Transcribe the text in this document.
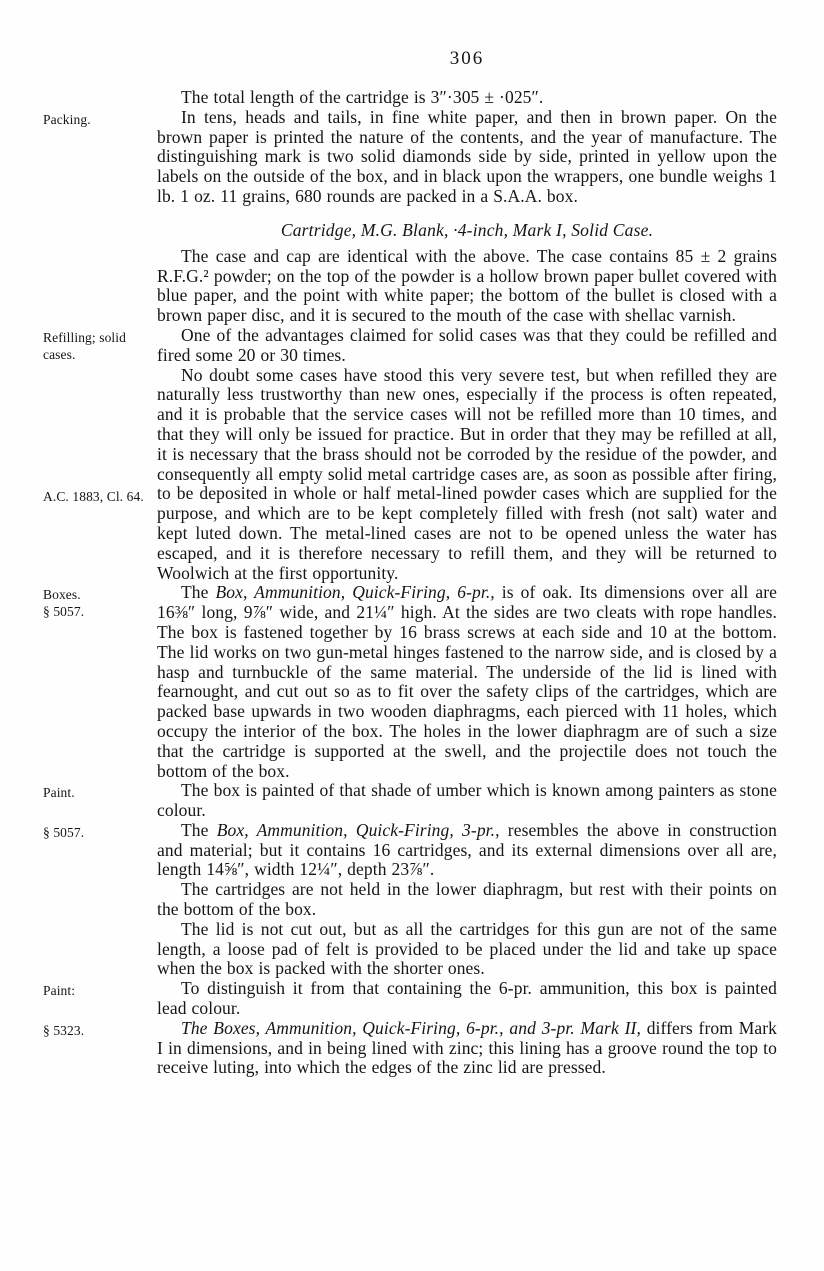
306

The total length of the cartridge is 3″·305 ± ·025″.

Packing.	In tens, heads and tails, in fine white paper, and then in brown paper. On the brown paper is printed the nature of the contents, and the year of manufacture. The distinguishing mark is two solid diamonds side by side, printed in yellow upon the labels on the outside of the box, and in black upon the wrappers, one bundle weighs 1 lb. 1 oz. 11 grains, 680 rounds are packed in a S.A.A. box.

Cartridge, M.G. Blank, ·4-inch, Mark I, Solid Case.

The case and cap are identical with the above. The case contains 85 ± 2 grains R.F.G.² powder; on the top of the powder is a hollow brown paper bullet covered with blue paper, and the point with white paper; the bottom of the bullet is closed with a brown paper disc, and it is secured to the mouth of the case with shellac varnish.

Refilling; solid cases.
One of the advantages claimed for solid cases was that they could be refilled and fired some 20 or 30 times.

A.C. 1883, Cl. 64.
No doubt some cases have stood this very severe test, but when refilled they are naturally less trustworthy than new ones, especially if the process is often repeated, and it is probable that the service cases will not be refilled more than 10 times, and that they will only be issued for practice. But in order that they may be refilled at all, it is necessary that the brass should not be corroded by the residue of the powder, and consequently all empty solid metal cartridge cases are, as soon as possible after firing, to be deposited in whole or half metal-lined powder cases which are supplied for the purpose, and which are to be kept completely filled with fresh (not salt) water and kept luted down. The metal-lined cases are not to be opened unless the water has escaped, and it is therefore necessary to refill them, and they will be returned to Woolwich at the first opportunity.

Boxes.
§ 5057.
The Box, Ammunition, Quick-Firing, 6-pr., is of oak. Its dimensions over all are 16⅜″ long, 9⅞″ wide, and 21¼″ high. At the sides are two cleats with rope handles. The box is fastened together by 16 brass screws at each side and 10 at the bottom. The lid works on two gun-metal hinges fastened to the narrow side, and is closed by a hasp and turnbuckle of the same material. The underside of the lid is lined with fearnought, and cut out so as to fit over the safety clips of the cartridges, which are packed base upwards in two wooden diaphragms, each pierced with 11 holes, which occupy the interior of the box. The holes in the lower diaphragm are of such a size that the cartridge is supported at the swell, and the projectile does not touch the bottom of the box.

Paint.	The box is painted of that shade of umber which is known among painters as stone colour.

§ 5057.	The Box, Ammunition, Quick-Firing, 3-pr., resembles the above in construction and material; but it contains 16 cartridges, and its external dimensions over all are, length 14⅝″, width 12¼″, depth 23⅞″.

The cartridges are not held in the lower diaphragm, but rest with their points on the bottom of the box.

The lid is not cut out, but as all the cartridges for this gun are not of the same length, a loose pad of felt is provided to be placed under the lid and take up space when the box is packed with the shorter ones.

Paint:	To distinguish it from that containing the 6-pr. ammunition, this box is painted lead colour.

§ 5323.	The Boxes, Ammunition, Quick-Firing, 6-pr., and 3-pr. Mark II, differs from Mark I in dimensions, and in being lined with zinc; this lining has a groove round the top to receive luting, into which the edges of the zinc lid are pressed.
